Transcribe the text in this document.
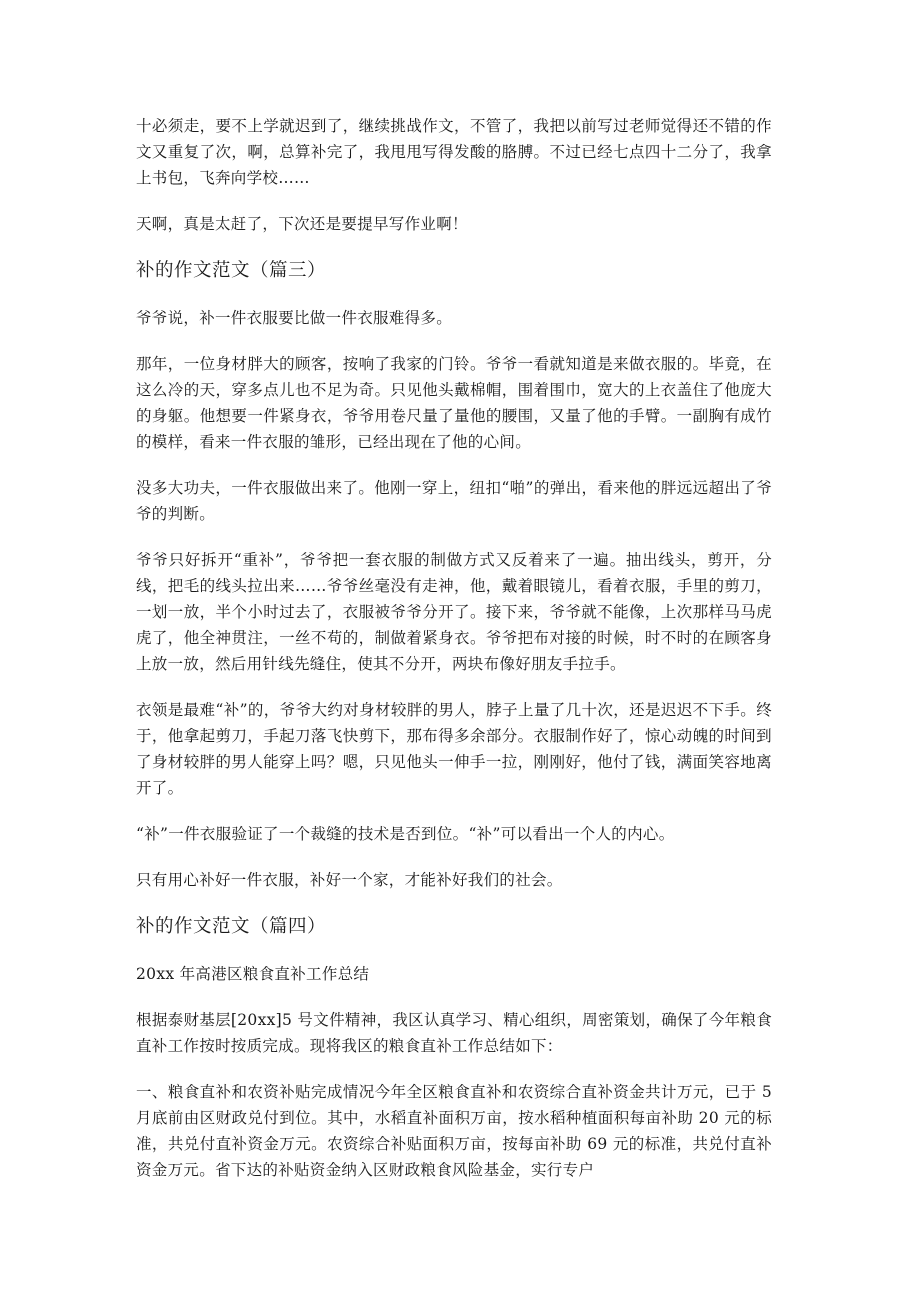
十必须走，要不上学就迟到了，继续挑战作文，不管了，我把以前写过老师觉得还不错的作文又重复了次，啊，总算补完了，我甩甩写得发酸的胳膊。不过已经七点四十二分了，我拿上书包，飞奔向学校……

天啊，真是太赶了，下次还是要提早写作业啊！

补的作文范文（篇三）

爷爷说，补一件衣服要比做一件衣服难得多。

那年，一位身材胖大的顾客，按响了我家的门铃。爷爷一看就知道是来做衣服的。毕竟，在这么冷的天，穿多点儿也不足为奇。只见他头戴棉帽，围着围巾，宽大的上衣盖住了他庞大的身躯。他想要一件紧身衣，爷爷用卷尺量了量他的腰围，又量了他的手臂。一副胸有成竹的模样，看来一件衣服的雏形，已经出现在了他的心间。

没多大功夫，一件衣服做出来了。他刚一穿上，纽扣“啪”的弹出，看来他的胖远远超出了爷爷的判断。

爷爷只好拆开“重补”，爷爷把一套衣服的制做方式又反着来了一遍。抽出线头，剪开，分线，把毛的线头拉出来……爷爷丝毫没有走神，他，戴着眼镜儿，看着衣服，手里的剪刀，一划一放，半个小时过去了，衣服被爷爷分开了。接下来，爷爷就不能像，上次那样马马虎虎了，他全神贯注，一丝不苟的，制做着紧身衣。爷爷把布对接的时候，时不时的在顾客身上放一放，然后用针线先缝住，使其不分开，两块布像好朋友手拉手。

衣领是最难“补”的，爷爷大约对身材较胖的男人，脖子上量了几十次，还是迟迟不下手。终于，他拿起剪刀，手起刀落飞快剪下，那布得多余部分。衣服制作好了，惊心动魄的时间到了身材较胖的男人能穿上吗？嗯，只见他头一伸手一拉，刚刚好，他付了钱，满面笑容地离开了。

“补”一件衣服验证了一个裁缝的技术是否到位。“补”可以看出一个人的内心。

只有用心补好一件衣服，补好一个家，才能补好我们的社会。

补的作文范文（篇四）

20xx 年高港区粮食直补工作总结

根据泰财基层[20xx]5 号文件精神，我区认真学习、精心组织，周密策划，确保了今年粮食直补工作按时按质完成。现将我区的粮食直补工作总结如下：

一、粮食直补和农资补贴完成情况今年全区粮食直补和农资综合直补资金共计万元，已于 5 月底前由区财政兑付到位。其中，水稻直补面积万亩，按水稻种植面积每亩补助 20 元的标准，共兑付直补资金万元。农资综合补贴面积万亩，按每亩补助 69 元的标准，共兑付直补资金万元。省下达的补贴资金纳入区财政粮食风险基金，实行专户
